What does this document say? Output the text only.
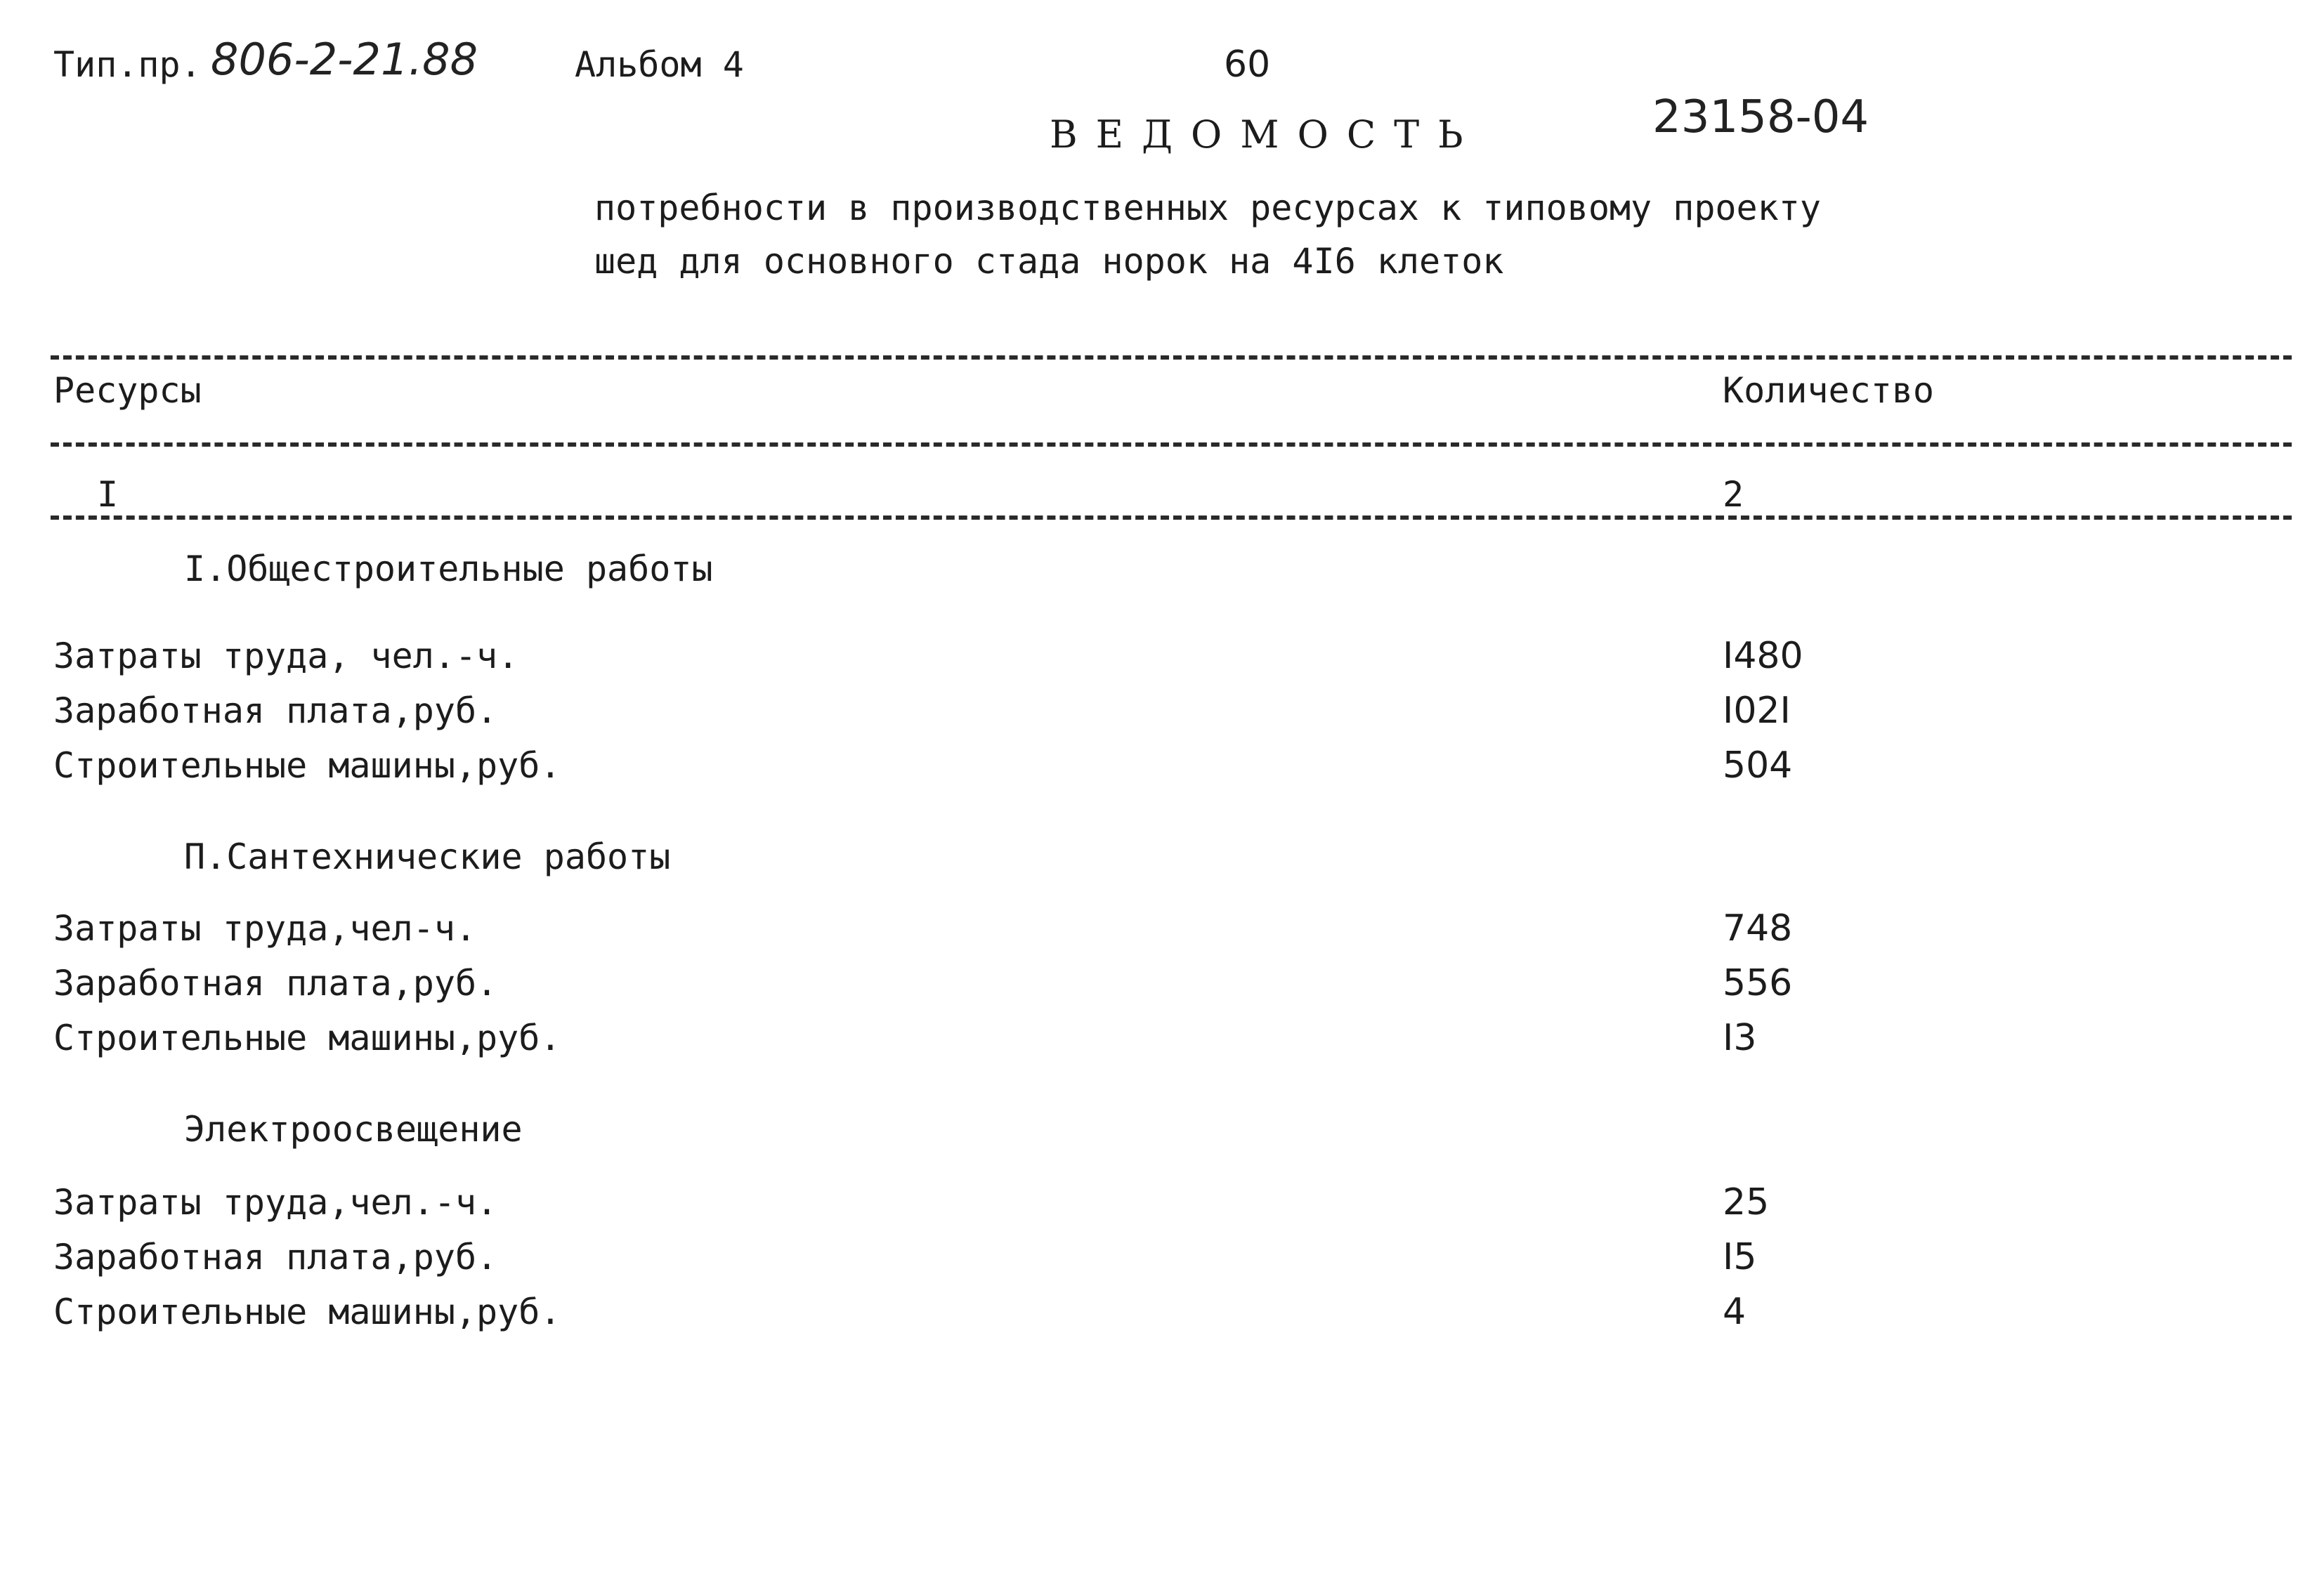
Тип.пр. 806-2-21.88	Альбом 4	60
23158-04
ВЕДОМОСТЬ
потребности в производственных ресурсах к типовому проекту
шед для основного стада норок на 4I6 клеток
Ресурсы	Количество
I	2
I.Общестроительные работы
Затраты труда, чел.-ч.	I480
Заработная плата,руб.	I02I
Строительные машины,руб.	504
П.Сантехнические работы
Затраты труда,чел-ч.	748
Заработная плата,руб.	556
Строительные машины,руб.	I3
Электроосвещение
Затраты труда,чел.-ч.	25
Заработная плата,руб.	I5
Строительные машины,руб.	4
